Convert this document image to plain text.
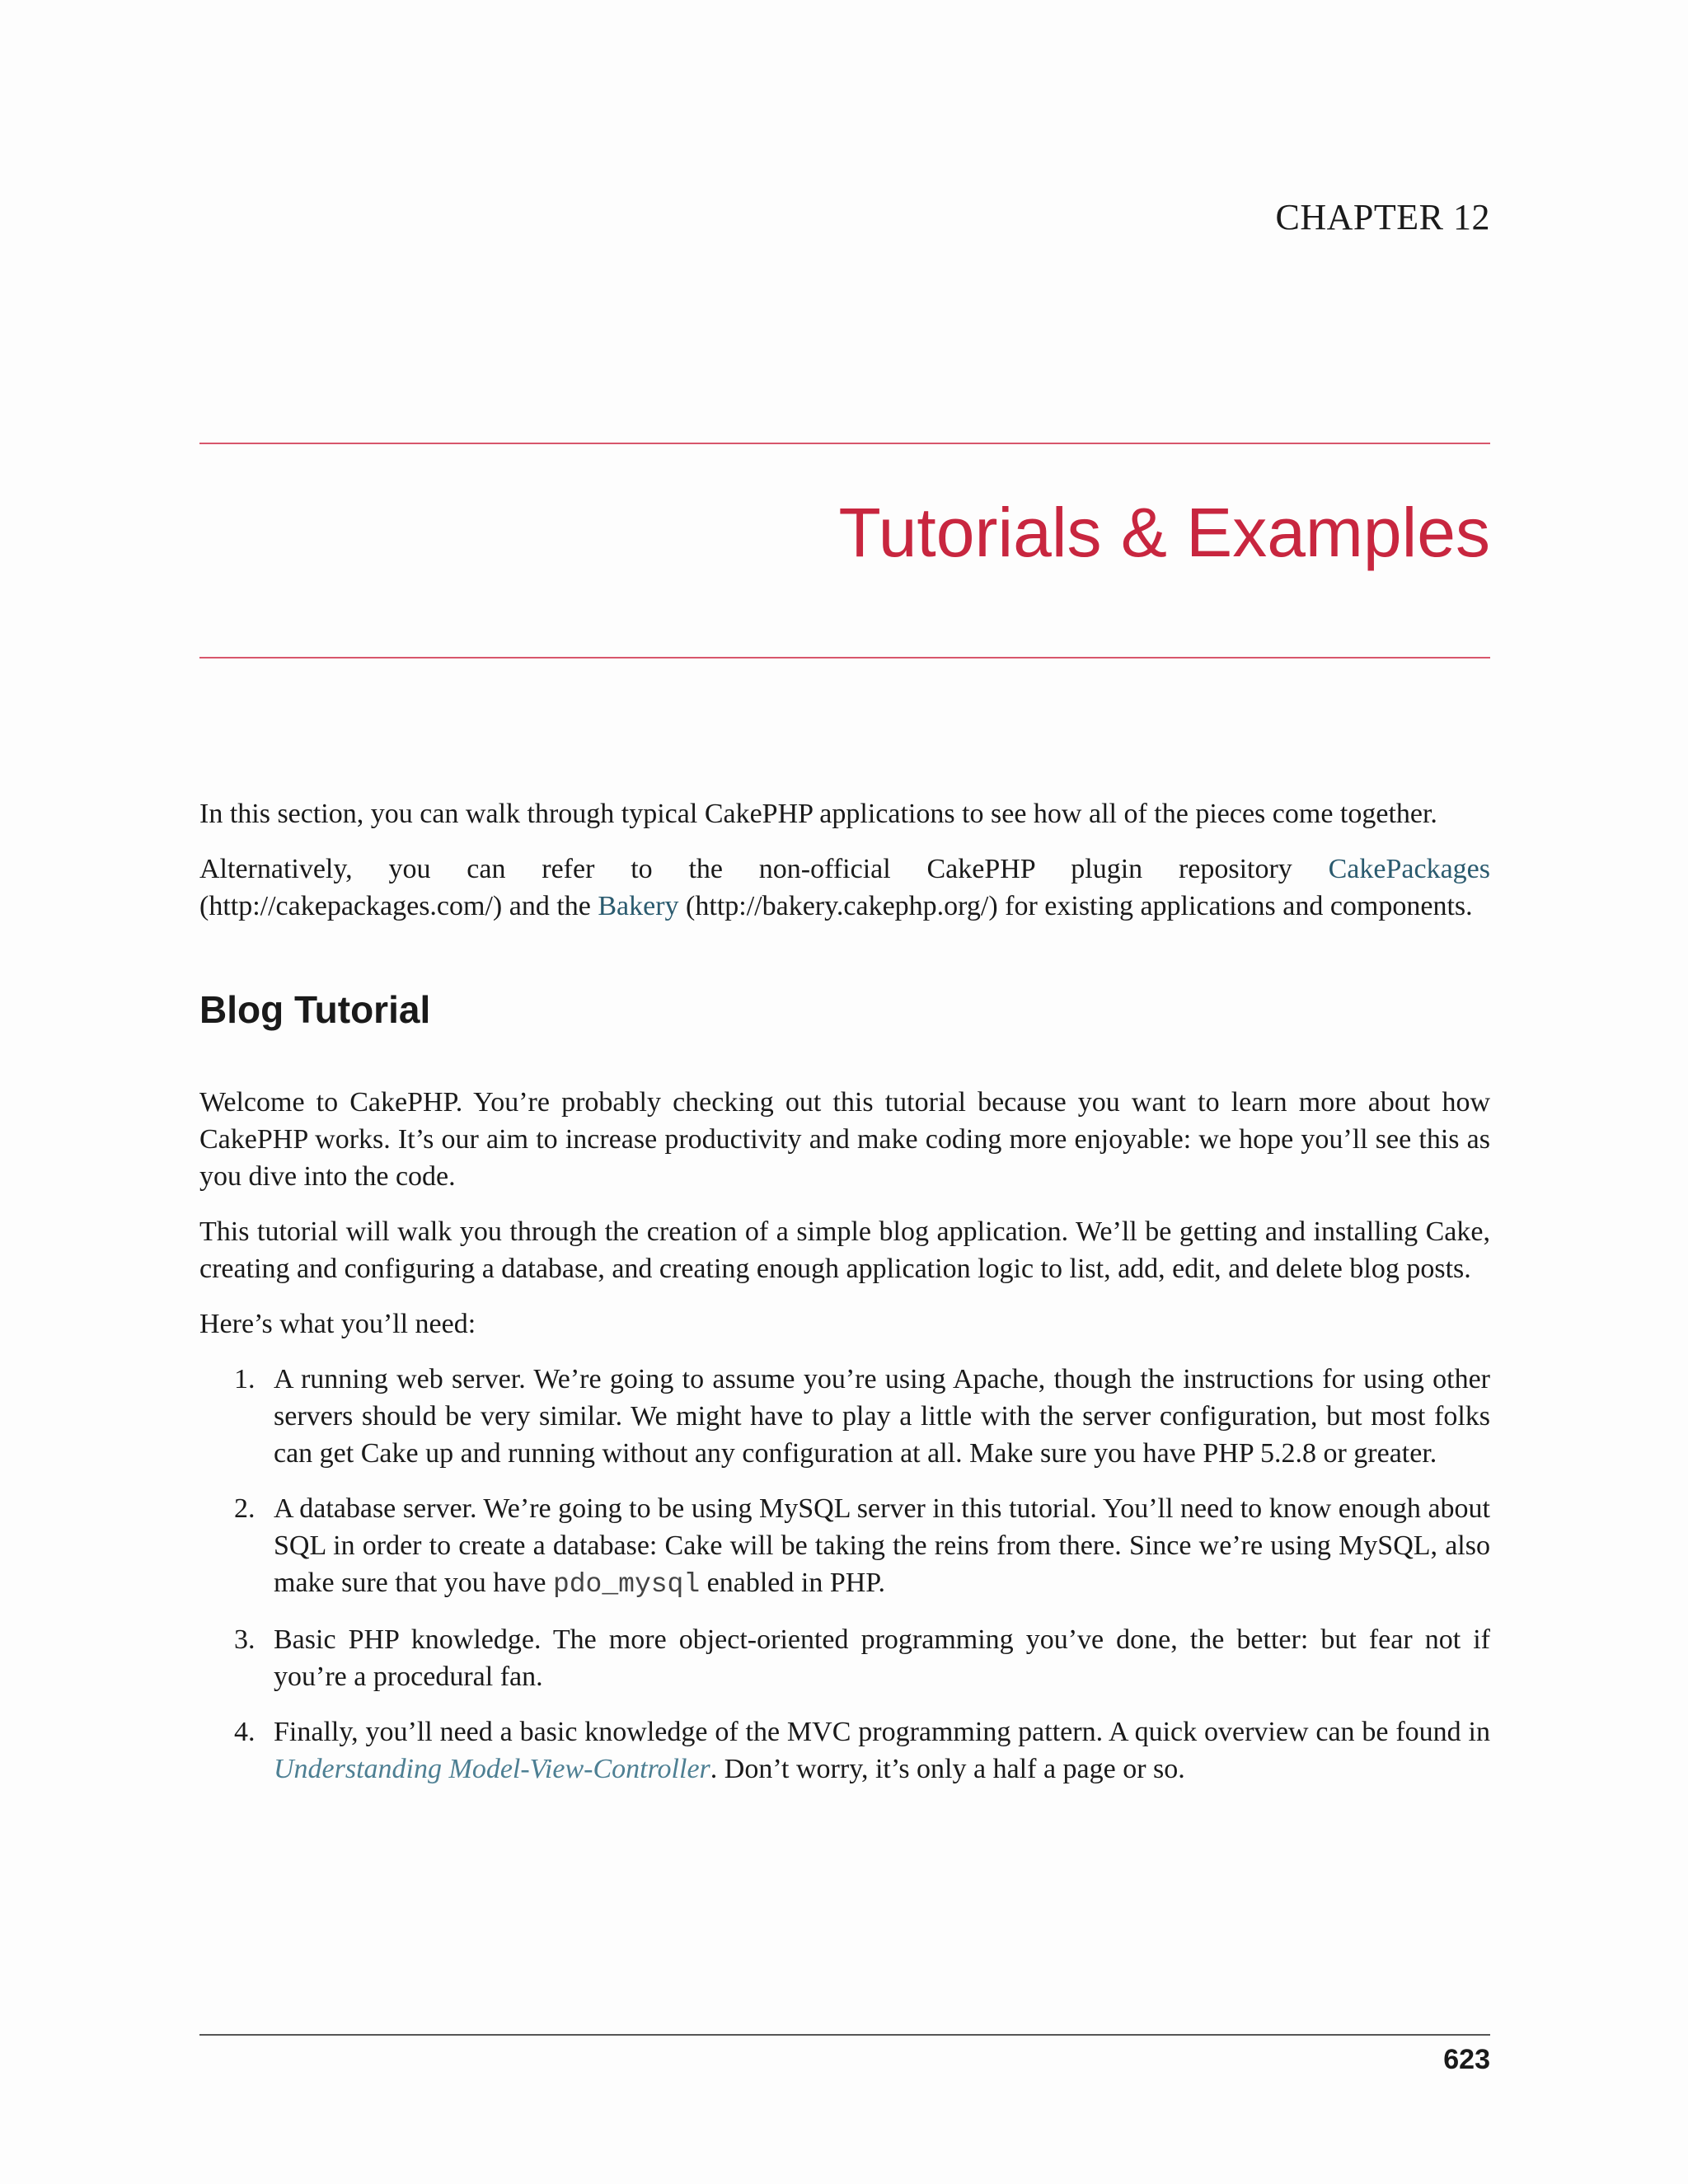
CHAPTER 12
Tutorials & Examples

In this section, you can walk through typical CakePHP applications to see how all of the pieces come together.

Alternatively, you can refer to the non-official CakePHP plugin repository CakePackages (http://cakepackages.com/) and the Bakery (http://bakery.cakephp.org/) for existing applications and components.

Blog Tutorial

Welcome to CakePHP. You’re probably checking out this tutorial because you want to learn more about how CakePHP works. It’s our aim to increase productivity and make coding more enjoyable: we hope you’ll see this as you dive into the code.

This tutorial will walk you through the creation of a simple blog application. We’ll be getting and installing Cake, creating and configuring a database, and creating enough application logic to list, add, edit, and delete blog posts.

Here’s what you’ll need:

1. A running web server. We’re going to assume you’re using Apache, though the instructions for using other servers should be very similar. We might have to play a little with the server configuration, but most folks can get Cake up and running without any configuration at all. Make sure you have PHP 5.2.8 or greater.
2. A database server. We’re going to be using MySQL server in this tutorial. You’ll need to know enough about SQL in order to create a database: Cake will be taking the reins from there. Since we’re using MySQL, also make sure that you have pdo_mysql enabled in PHP.
3. Basic PHP knowledge. The more object-oriented programming you’ve done, the better: but fear not if you’re a procedural fan.
4. Finally, you’ll need a basic knowledge of the MVC programming pattern. A quick overview can be found in Understanding Model-View-Controller. Don’t worry, it’s only a half a page or so.
623
